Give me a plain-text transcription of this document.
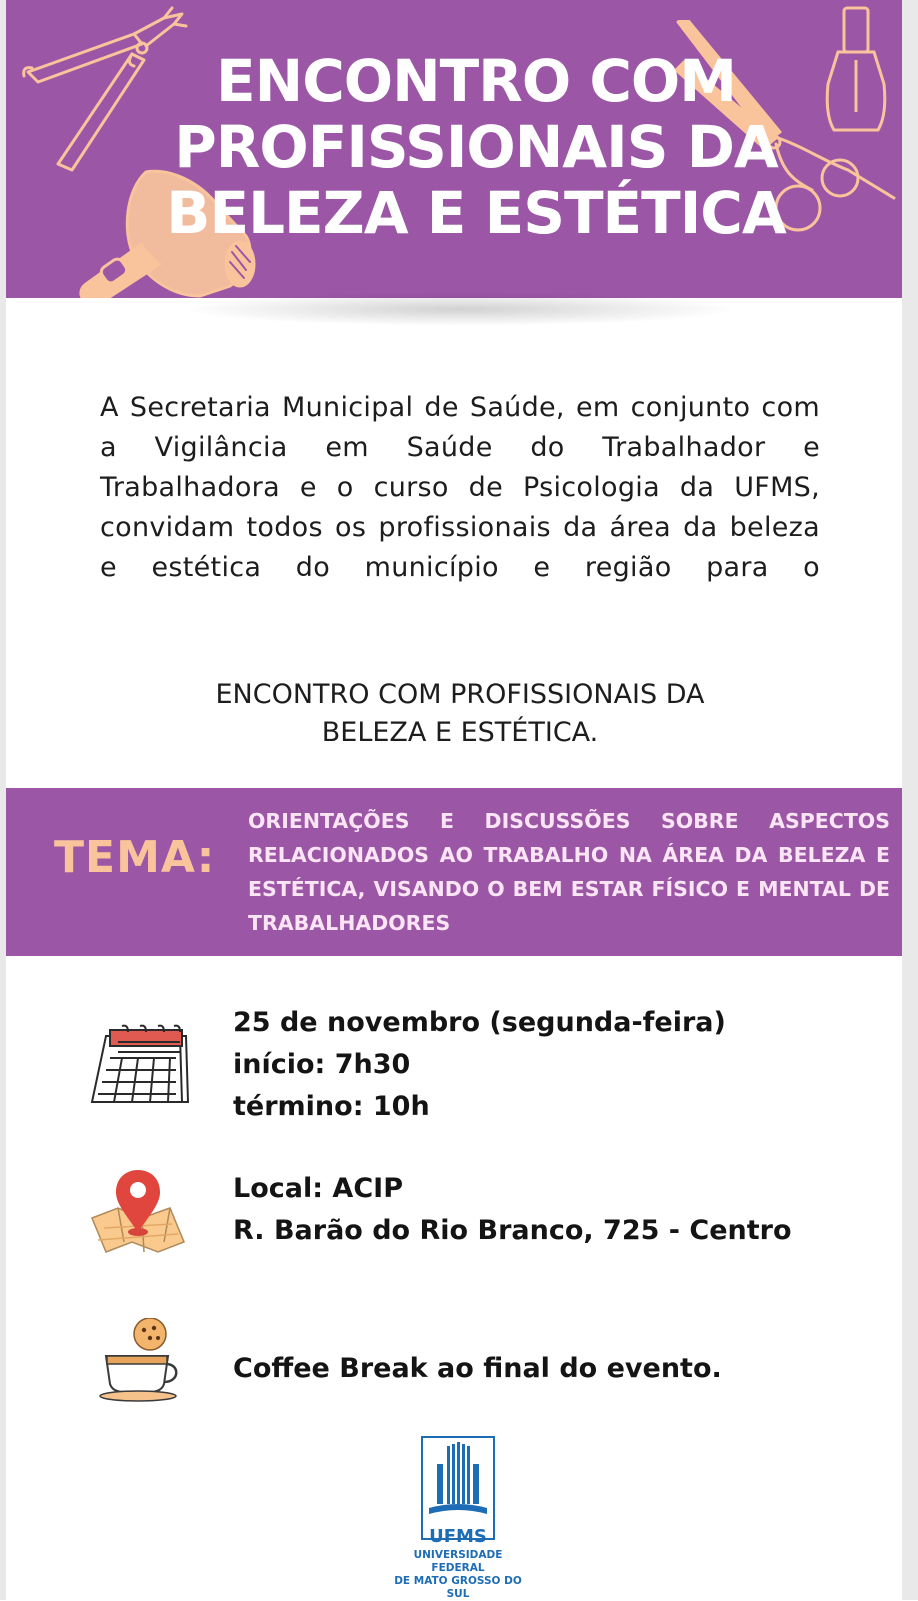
ENCONTRO COM
PROFISSIONAIS DA
BELEZA E ESTÉTICA
A Secretaria Municipal de Saúde, em conjunto com a Vigilância em Saúde do Trabalhador e Trabalhadora e o curso de Psicologia da UFMS, convidam todos os profissionais da área da beleza e estética do município e região para o
ENCONTRO COM PROFISSIONAIS DA
BELEZA E ESTÉTICA.
TEMA:
ORIENTAÇÕES E DISCUSSÕES SOBRE ASPECTOS RELACIONADOS AO TRABALHO NA ÁREA DA BELEZA E ESTÉTICA, VISANDO O BEM ESTAR FÍSICO E MENTAL DE TRABALHADORES
25 de novembro (segunda-feira)
início: 7h30
término: 10h
Local: ACIP
R. Barão do Rio Branco, 725 - Centro
Coffee Break ao final do evento.
UFMS
UNIVERSIDADE FEDERAL
DE MATO GROSSO DO SUL
